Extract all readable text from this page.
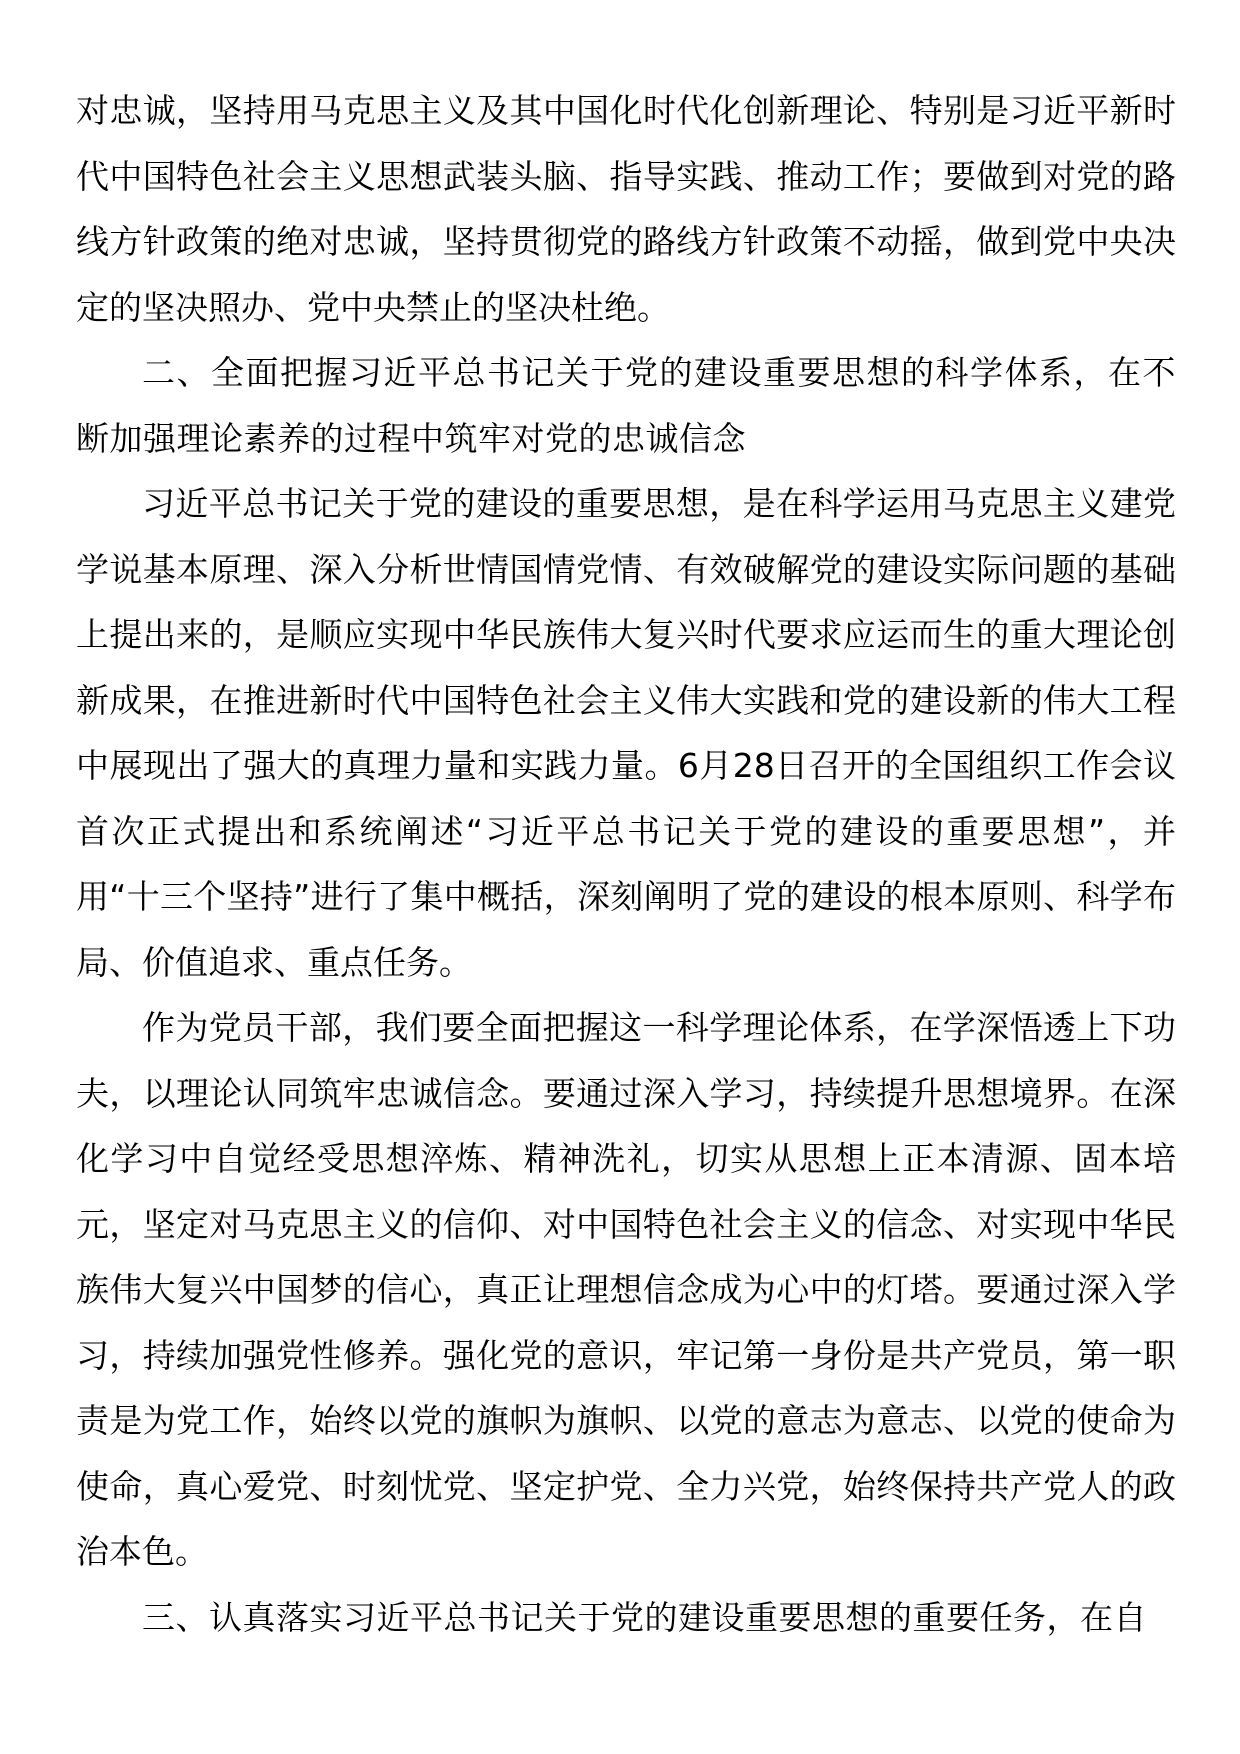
对忠诚，坚持用马克思主义及其中国化时代化创新理论、特别是习近平新时代中国特色社会主义思想武装头脑、指导实践、推动工作；要做到对党的路线方针政策的绝对忠诚，坚持贯彻党的路线方针政策不动摇，做到党中央决定的坚决照办、党中央禁止的坚决杜绝。

二、全面把握习近平总书记关于党的建设重要思想的科学体系，在不断加强理论素养的过程中筑牢对党的忠诚信念

习近平总书记关于党的建设的重要思想，是在科学运用马克思主义建党学说基本原理、深入分析世情国情党情、有效破解党的建设实际问题的基础上提出来的，是顺应实现中华民族伟大复兴时代要求应运而生的重大理论创新成果，在推进新时代中国特色社会主义伟大实践和党的建设新的伟大工程中展现出了强大的真理力量和实践力量。6月28日召开的全国组织工作会议首次正式提出和系统阐述“习近平总书记关于党的建设的重要思想”，并用“十三个坚持”进行了集中概括，深刻阐明了党的建设的根本原则、科学布局、价值追求、重点任务。

作为党员干部，我们要全面把握这一科学理论体系，在学深悟透上下功夫，以理论认同筑牢忠诚信念。要通过深入学习，持续提升思想境界。在深化学习中自觉经受思想淬炼、精神洗礼，切实从思想上正本清源、固本培元，坚定对马克思主义的信仰、对中国特色社会主义的信念、对实现中华民族伟大复兴中国梦的信心，真正让理想信念成为心中的灯塔。要通过深入学习，持续加强党性修养。强化党的意识，牢记第一身份是共产党员，第一职责是为党工作，始终以党的旗帜为旗帜、以党的意志为意志、以党的使命为使命，真心爱党、时刻忧党、坚定护党、全力兴党，始终保持共产党人的政治本色。

三、认真落实习近平总书记关于党的建设重要思想的重要任务，在自
